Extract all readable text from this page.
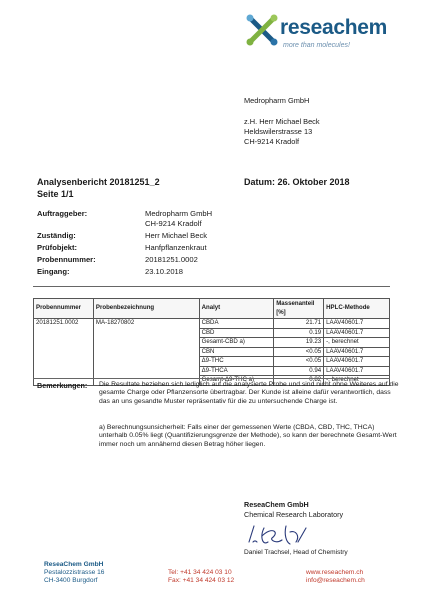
reseachem
more than molecules!
Medropharm GmbH
z.H. Herr Michael Beck
Heldswilerstrasse 13
CH-9214 Kradolf
Analysenbericht 20181251_2
Seite 1/1
Datum: 26. Oktober 2018
Auftraggeber:	Medropharm GmbH
CH-9214 Kradolf
Zuständig:	Herr Michael Beck
Prüfobjekt:	Hanfpflanzenkraut
Probennummer:	20181251.0002
Eingang:	23.10.2018
Probennummer	Probenbezeichnung	Analyt	Massenanteil [%]	HPLC-Methode
20181251.0002	MA-18270802	CBDA	21.71	LAAV40601.7
		CBD	0.19	LAAV40601.7
		Gesamt-CBD a)	19.23	-, berechnet
		CBN	<0.05	LAAV40601.7
		Δ9-THC	<0.05	LAAV40601.7
		Δ9-THCA	0.94	LAAV40601.7
		Gesamt-Δ9-THC a)	0.82	-, berechnet
Bemerkungen: Die Resultate beziehen sich lediglich auf die analysierte Probe und sind nicht ohne Weiteres auf die gesamte Charge oder Pflanzensorte übertragbar. Der Kunde ist alleine dafür verantwortlich, dass das an uns gesandte Muster repräsentativ für die zu untersuchende Charge ist.
a) Berechnungsunsicherheit: Falls einer der gemessenen Werte (CBDA, CBD, THC, THCA) unterhalb 0.05% liegt (Quantifizierungsgrenze der Methode), so kann der berechnete Gesamt-Wert immer noch um annähernd diesen Betrag höher liegen.
ReseaChem GmbH
Chemical Research Laboratory
Daniel Trachsel, Head of Chemistry
ReseaChem GmbH
Pestalozzistrasse 16
CH-3400 Burgdorf
Tel: +41 34 424 03 10
Fax: +41 34 424 03 12
www.reseachem.ch
info@reseachem.ch
